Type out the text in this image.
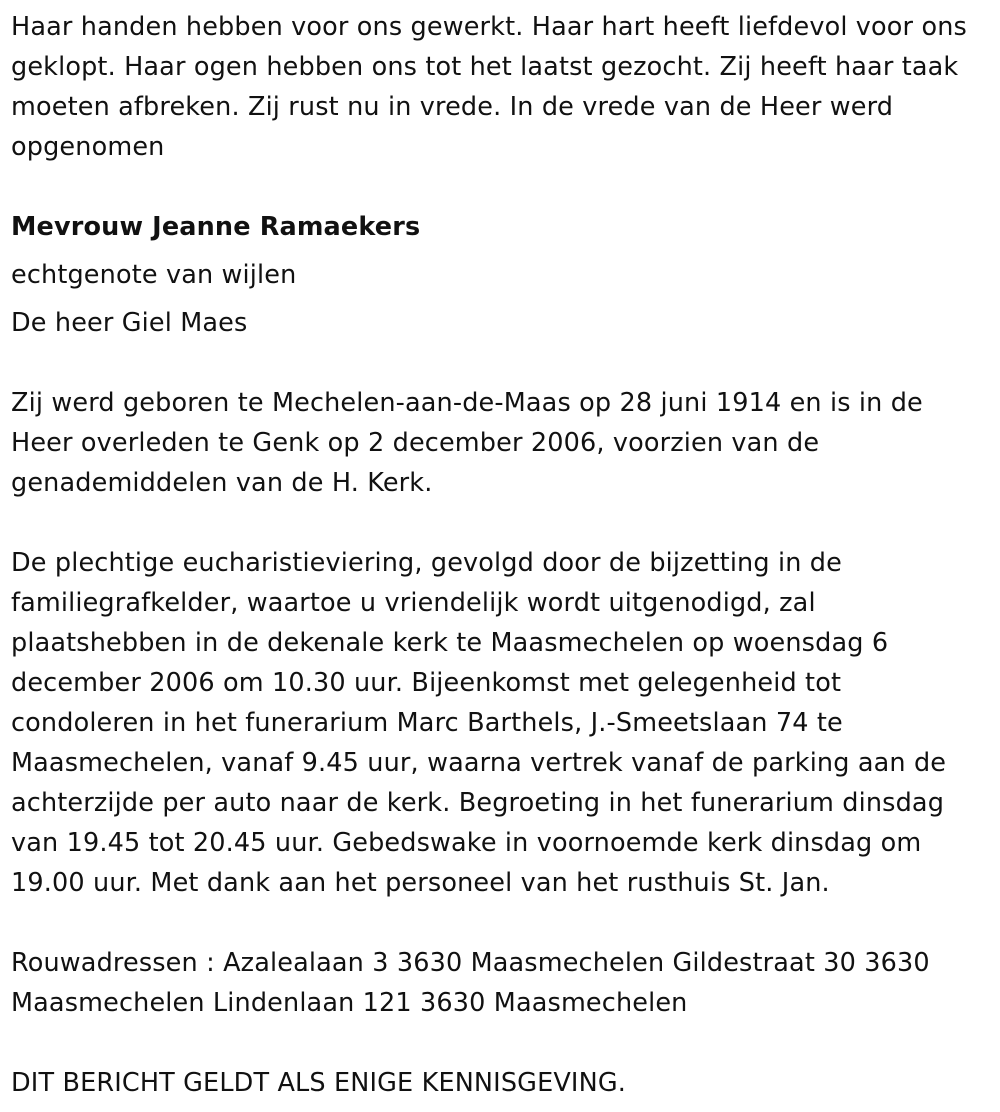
Haar handen hebben voor ons gewerkt. Haar hart heeft liefdevol voor ons geklopt. Haar ogen hebben ons tot het laatst gezocht. Zij heeft haar taak moeten afbreken. Zij rust nu in vrede. In de vrede van de Heer werd opgenomen

Mevrouw Jeanne Ramaekers

echtgenote van wijlen

De heer Giel Maes

Zij werd geboren te Mechelen-aan-de-Maas op 28 juni 1914 en is in de Heer overleden te Genk op 2 december 2006, voorzien van de genademiddelen van de H. Kerk.

De plechtige eucharistieviering, gevolgd door de bijzetting in de familiegrafkelder, waartoe u vriendelijk wordt uitgenodigd, zal plaatshebben in de dekenale kerk te Maasmechelen op woensdag 6 december 2006 om 10.30 uur. Bijeenkomst met gelegenheid tot condoleren in het funerarium Marc Barthels, J.-Smeetslaan 74 te Maasmechelen, vanaf 9.45 uur, waarna vertrek vanaf de parking aan de achterzijde per auto naar de kerk. Begroeting in het funerarium dinsdag van 19.45 tot 20.45 uur. Gebedswake in voornoemde kerk dinsdag om 19.00 uur. Met dank aan het personeel van het rusthuis St. Jan.

Rouwadressen : Azalealaan 3 3630 Maasmechelen Gildestraat 30 3630 Maasmechelen Lindenlaan 121 3630 Maasmechelen

DIT BERICHT GELDT ALS ENIGE KENNISGEVING.
